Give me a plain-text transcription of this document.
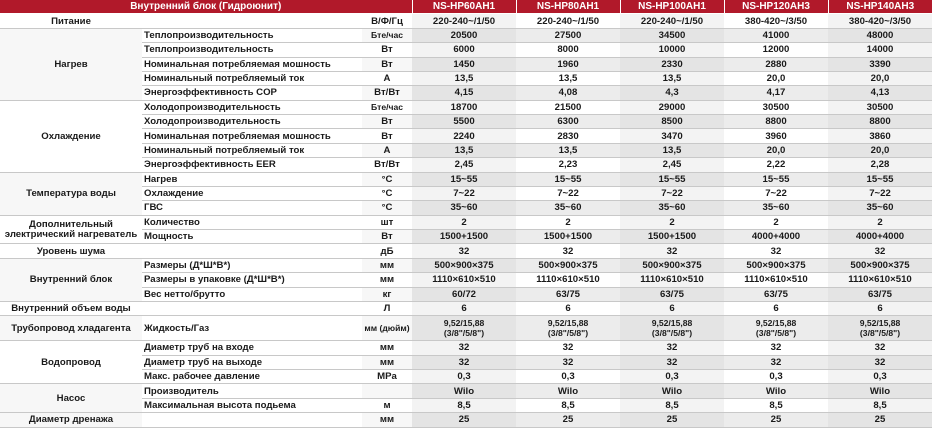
Внутренний блок (Гидроюнит)			NS-HP60AH1	NS-HP80AH1	NS-HP100AH1	NS-HP120AH3	NS-HP140AH3
Питание		В/Ф/Гц	220-240~/1/50	220-240~/1/50	220-240~/1/50	380-420~/3/50	380-420~/3/50
Нагрев	Теплопроизводительность	Бте/час	20500	27500	34500	41000	48000
	Теплопроизводительность	Вт	6000	8000	10000	12000	14000
	Номинальная потребляемая мошность	Вт	1450	1960	2330	2880	3390
	Номинальный потребляемый ток	А	13,5	13,5	13,5	20,0	20,0
	Энергоэффективность COP	Вт/Вт	4,15	4,08	4,3	4,17	4,13
Охлаждение	Холодопроизводительность	Бте/час	18700	21500	29000	30500	30500
	Холодопроизводительность	Вт	5500	6300	8500	8800	8800
	Номинальная потребляемая мошность	Вт	2240	2830	3470	3960	3860
	Номинальный потребляемый ток	А	13,5	13,5	13,5	20,0	20,0
	Энергоэффективность EER	Вт/Вт	2,45	2,23	2,45	2,22	2,28
Температура воды	Нагрев	°С	15~55	15~55	15~55	15~55	15~55
	Охлаждение	°С	7~22	7~22	7~22	7~22	7~22
	ГВС	°С	35~60	35~60	35~60	35~60	35~60
Дополнительный электрический нагреватель	Количество	шт	2	2	2	2	2
	Мощность	Вт	1500+1500	1500+1500	1500+1500	4000+4000	4000+4000
Уровень шума		дБ	32	32	32	32	32
Внутренний блок	Размеры (Д*Ш*В*)	мм	500×900×375	500×900×375	500×900×375	500×900×375	500×900×375
	Размеры в упаковке (Д*Ш*В*)	мм	1110×610×510	1110×610×510	1110×610×510	1110×610×510	1110×610×510
	Вес нетто/брутто	кг	60/72	63/75	63/75	63/75	63/75
Внутренний объем воды		Л	6	6	6	6	6
Трубопровод хладагента	Жидкость/Газ	мм (дюйм)	9,52/15,88
(3/8"/5/8")	9,52/15,88
(3/8"/5/8")	9,52/15,88
(3/8"/5/8")	9,52/15,88
(3/8"/5/8")	9,52/15,88
(3/8"/5/8")
Водопровод	Диаметр труб на входе	мм	32	32	32	32	32
	Диаметр труб на выходе	мм	32	32	32	32	32
	Макс. рабочее давление	MPa	0,3	0,3	0,3	0,3	0,3
Насос	Производитель		Wilo	Wilo	Wilo	Wilo	Wilo
	Максимальная высота подьема	м	8,5	8,5	8,5	8,5	8,5
Диаметр дренажа		мм	25	25	25	25	25
